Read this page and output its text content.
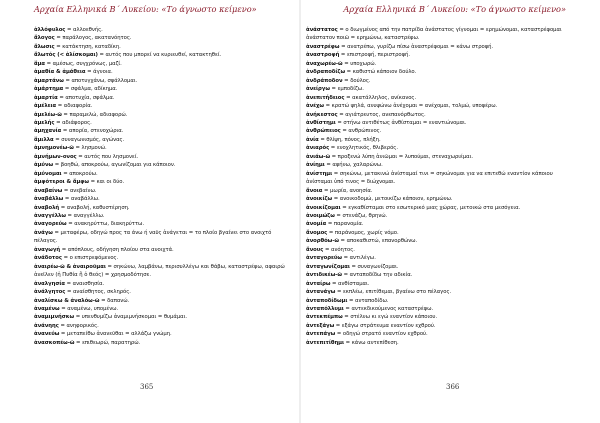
Αρχαία Ελληνικά Β΄ Λυκείου: «Το άγνωστο κείμενο»
ἀλλόφυλος = αλλοεθνής.
ἄλογος = παράλογος, ακατανόητος.
ἄλωσις = κατάκτηση, καταδίκη.
ἄλωτός (< ἁλίσκομαι) = αυτός που μπορεί να κυριευθεί, κατακτηθεί.
ἅμα = αμέσως, συγχρόνως, μαζί.
ἀμαθία & ἀμάθεια = άγνοια.
ἁμαρτάνω = αποτυγχάνω, σφάλλομαι.
ἁμάρτημα = σφάλμα, αδίκημα.
ἁμαρτία = αποτυχία, σφάλμα.
ἀμέλεια = αδιαφορία.
ἀμελέω-ῶ = παραμελώ, αδιαφορώ.
ἀμελής = αδιάφορος.
ἀμηχανία = απορία, στενοχώρια.
ἅμιλλα = συναγωνισμός, αγώνας.
ἀμνημονέω-ῶ = λησμονώ.
ἀμνήμων-ονος = αυτός που λησμονεί.
ἀμύνω = βοηθώ, αποκρούω, αγωνίζομαι για κάποιον.
ἀμύνομαι = αποκρούω.
ἀμφότεροι & ἄμφω = και οι δύο.
ἀναβαίνω = ανεβαίνω.
ἀναβάλλω = αναβάλλω.
ἀναβολή = αναβολή, καθυστέρηση.
ἀναγγέλλω = αναγγέλλω.
ἀναγορεύω = ανακηρύττω, διακηρύττω.
ἀνάγω = μεταφέρω, οδηγώ προς τα άνω ή ναῦς ἀνάγεται = το πλοίο βγαίνει στο ανοιχτό πέλαγος.
ἀναγωγή = απόπλους, οδήγηση πλοίου στα ανοιχτά.
ἀνάδοτος = ο επιστρεφόμενος.
ἀναιρέω-ῶ & ἀναιροῦμαι = σηκώνω, λαμβάνω, περισυλλέγω και θάβω, καταστρέφω, αφαιρώ ἀνεῖλεν (ἡ Πυθία ἢ ὁ θεός) = χρησμοδότησε.
ἀναλγησία = αναισθησία.
ἀνάλγητος = αναίσθητος, σκληρός.
ἀναλίσκω & ἀναλόω-ῶ = δαπανώ.
ἀναμένω = αναμένω, υπομένω.
ἀναμιμνήσκω = υπενθυμίζω ἀναμιμνήσκομαι = θυμάμαι.
ἀνάνηης = ανηφορικός.
ἀνανεύω = μεταπείθω ἀνανεῦθαι = αλλάζω γνώμη.
ἀνασκοπέω-ῶ = επιθεωρώ, παρατηρώ.
365
Αρχαία Ελληνικά Β΄ Λυκείου: «Το άγνωστο κείμενο»
ἀνάστατος = ο διωγμένος από την πατρίδα ἀνάστατος γίγνομαι = ερημώνομαι, καταστρέφομαι ἀνάστατον ποιῶ = ερημώνω, καταστρέφω.
ἀναστρέφω = ανατρέπω, γυρίζω πίσω ἀναστρέφομαι = κάνω στροφή.
ἀναστροφή = επιστροφή, περιστροφή.
ἀναχωρέω-ῶ = υποχωρώ.
ἀνδραποδίζω = καθιστώ κάποιον δούλο.
ἀνδράποδον = δούλος.
ἀνείργω = εμποδίζω.
ἀνεπιτήδειος = ακατάλληλος, ανίκανος.
ἀνέχω = κρατώ ψηλά, ανυψώνω ἀνέχομαι = ανέχομαι, τολμώ, υποφέρω.
ἀνήκεστος = αγιάτρευτος, ανεπανόρθωτος.
ἀνθίστημι = στήνω αντιθέτως ἀνθίσταμαι = εναντιώνομαι.
ἀνθρώπειος = ανθρώπινος.
ἀνία = θλίψη, πόνος, πλήξη.
ἀνιαρός = ενοχλητικός, θλιβερός.
ἀνιάω-ῶ = προξενώ λύπη ἀνιῶμαι = λυπούμαι, στεναχωριέμαι.
ἀνίημι = αφήνω, χαλαρώνω.
ἀνίστημι = σηκώνω, μετακινώ ἀνίσταμαί τινι = σηκώνομαι για να επιτεθώ εναντίον κάποιου ἀνίσταμαι ὑπό τινος = διώχνομαι.
ἄνοια = μωρία, ανοησία.
ἀνοικίζω = ανοικοδομώ, μετοικίζω κάποιον, ερημώνω.
ἀνοικίζομαι = εγκαθίσταμαι στο εσωτερικό μιας χώρας, μετοικώ στα μεσόγεια.
ἀνοιμώζω = στενάζω, θρηνώ.
ἀνομία = παρανομία.
ἄνομος = παράνομος, χωρίς νόμο.
ἀνορθόω-ῶ = αποκαθιστώ, επανορθώνω.
ἄνους = ανόητος.
ἀνταγορεύω = αντιλέγω.
ἀνταγωνίζομαι = συναγωνίζομαι.
ἀντιδικέω-ῶ = ανταποδίδω την αδικία.
ἀνταίρω = ανθίσταμαι.
ἀντανάγω = εκπλέω, επιτίθεμαι, βγαίνω στο πέλαγος.
ἀνταποδίδωμι = ανταποδίδω.
ἀνταπόλλυμι = αντεκδικούμενος καταστρέφω.
ἀντεκπέμπω = στέλνω κι εγώ εναντίον κάποιου.
ἀντεξάγω = εξάγω στράτευμα εναντίον εχθρού.
ἀντεπάγω = οδηγώ στρατό εναντίον εχθρού.
ἀντεπιτίθημι = κάνω αντεπίθεση.
366
